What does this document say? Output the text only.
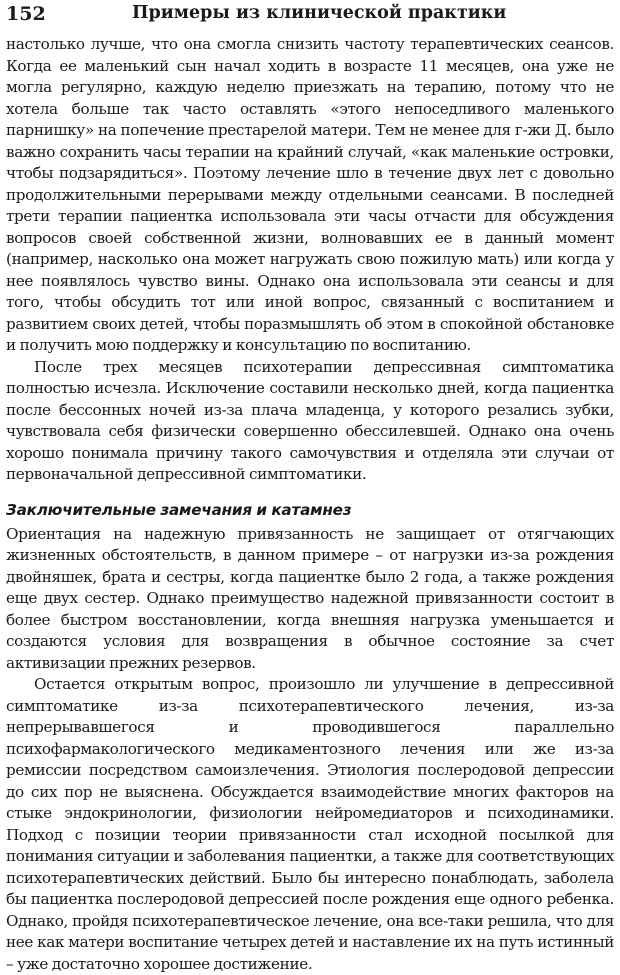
152	Примеры из клинической практики

настолько лучше, что она смогла снизить частоту терапевтических сеансов. Когда ее маленький сын начал ходить в возрасте 11 месяцев, она уже не могла регулярно, каждую неделю приезжать на терапию, потому что не хотела больше так часто оставлять «этого непоседливого маленького парнишку» на попечение престарелой матери. Тем не менее для г-жи Д. было важно сохранить часы терапии на крайний случай, «как маленькие островки, чтобы подзарядиться». Поэтому лечение шло в течение двух лет с довольно продолжительными перерывами между отдельными сеансами. В последней трети терапии пациентка использовала эти часы отчасти для обсуждения вопросов своей собственной жизни, волновавших ее в данный момент (например, насколько она может нагружать свою пожилую мать) или когда у нее появлялось чувство вины. Однако она использовала эти сеансы и для того, чтобы обсудить тот или иной вопрос, связанный с воспитанием и развитием своих детей, чтобы поразмышлять об этом в спокойной обстановке и получить мою поддержку и консультацию по воспитанию.

После трех месяцев психотерапии депрессивная симптоматика полностью исчезла. Исключение составили несколько дней, когда пациентка после бессонных ночей из-за плача младенца, у которого резались зубки, чувствовала себя физически совершенно обессилевшей. Однако она очень хорошо понимала причину такого самочувствия и отделяла эти случаи от первоначальной депрессивной симптоматики.

Заключительные замечания и катамнез

Ориентация на надежную привязанность не защищает от отягчающих жизненных обстоятельств, в данном примере – от нагрузки из-за рождения двойняшек, брата и сестры, когда пациентке было 2 года, а также рождения еще двух сестер. Однако преимущество надежной привязанности состоит в более быстром восстановлении, когда внешняя нагрузка уменьшается и создаются условия для возвращения в обычное состояние за счет активизации прежних резервов.

Остается открытым вопрос, произошло ли улучшение в депрессивной симптоматике из-за психотерапевтического лечения, из-за непрерывавшегося и проводившегося параллельно психофармакологического медикаментозного лечения или же из-за ремиссии посредством самоизлечения. Этиология послеродовой депрессии до сих пор не выяснена. Обсуждается взаимодействие многих факторов на стыке эндокринологии, физиологии нейромедиаторов и психодинамики. Подход с позиции теории привязанности стал исходной посылкой для понимания ситуации и заболевания пациентки, а также для соответствующих психотерапевтических действий. Было бы интересно понаблюдать, заболела бы пациентка послеродовой депрессией после рождения еще одного ребенка. Однако, пройдя психотерапевтическое лечение, она все-таки решила, что для нее как матери воспитание четырех детей и наставление их на путь истинный – уже достаточно хорошее достижение.
